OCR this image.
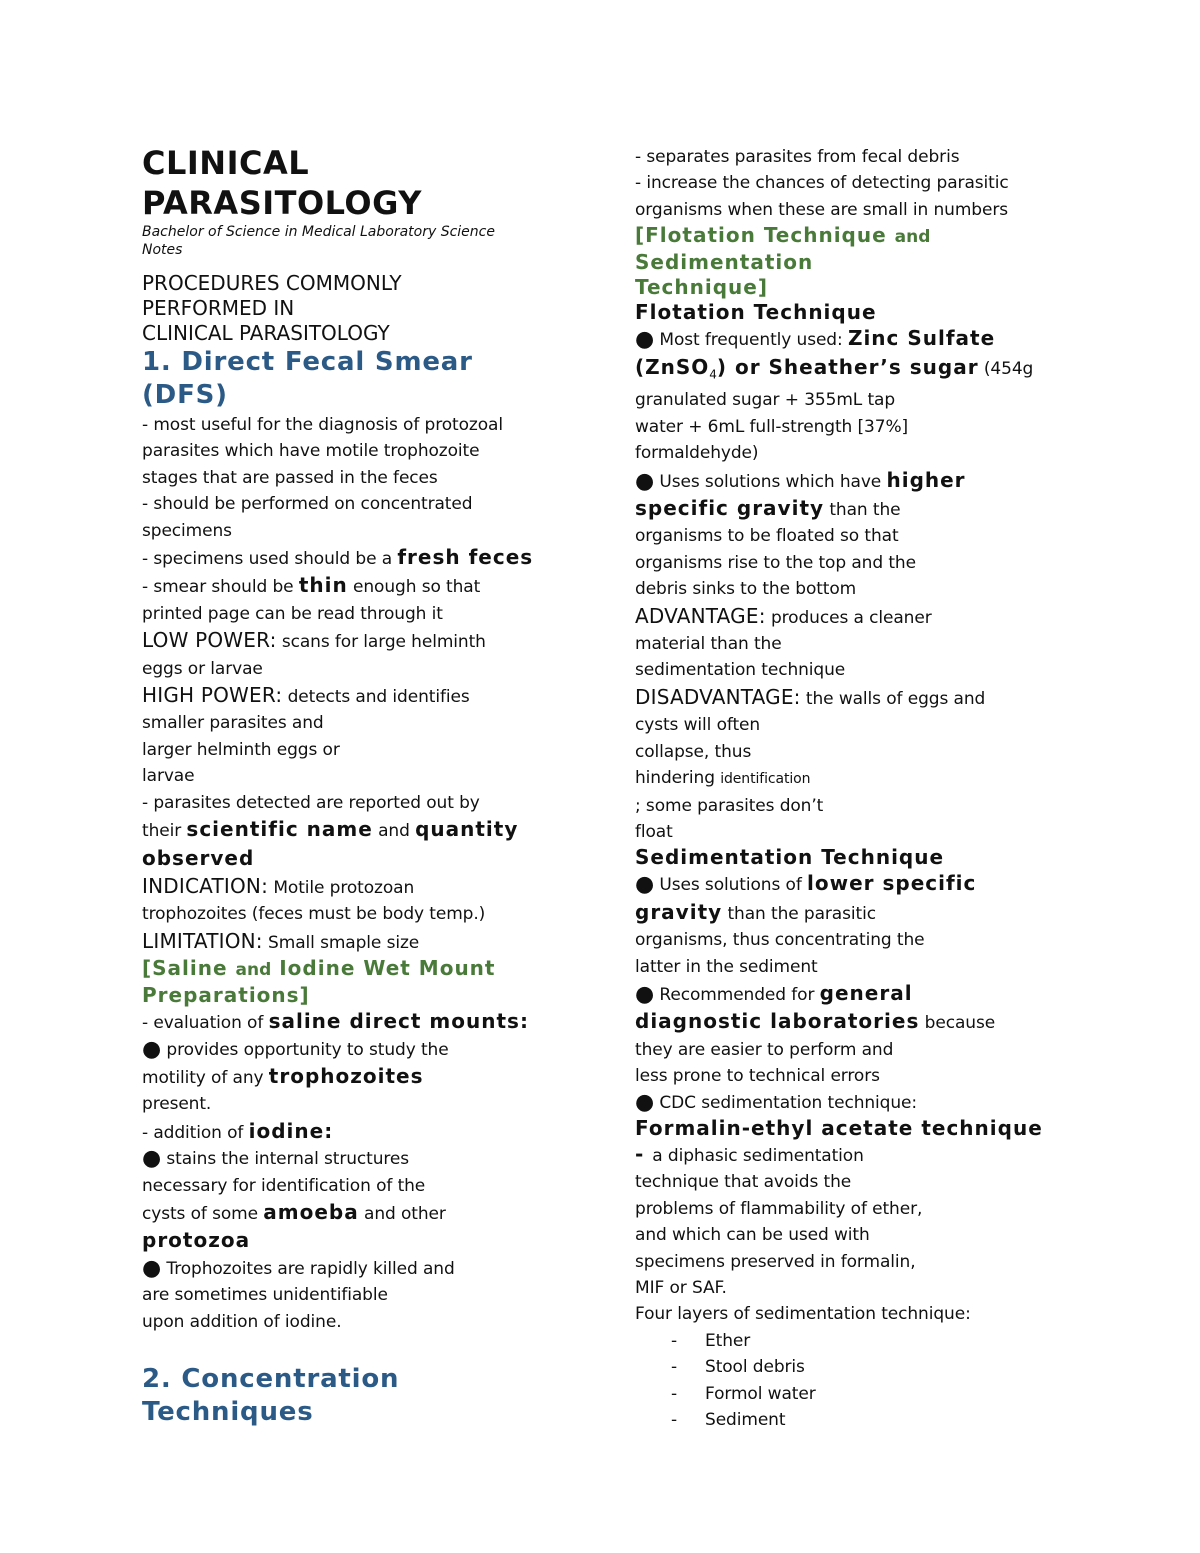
CLINICAL
PARASITOLOGY
Bachelor of Science in Medical Laboratory Science
Notes
PROCEDURES COMMONLY
PERFORMED IN
CLINICAL PARASITOLOGY
1. Direct Fecal Smear
(DFS)
- most useful for the diagnosis of protozoal
parasites which have motile trophozoite
stages that are passed in the feces
- should be performed on concentrated
specimens
- specimens used should be a fresh feces
- smear should be thin enough so that
printed page can be read through it
LOW POWER: scans for large helminth
eggs or larvae
HIGH POWER: detects and identifies
smaller parasites and
larger helminth eggs or
larvae
- parasites detected are reported out by
their scientific name and quantity
observed
INDICATION: Motile protozoan
trophozoites (feces must be body temp.)
LIMITATION: Small smaple size
[Saline and Iodine Wet Mount
Preparations]
- evaluation of saline direct mounts:
● provides opportunity to study the
motility of any trophozoites
present.
- addition of iodine:
● stains the internal structures
necessary for identification of the
cysts of some amoeba and other
protozoa
● Trophozoites are rapidly killed and
are sometimes unidentifiable
upon addition of iodine.
2. Concentration
Techniques
- separates parasites from fecal debris
- increase the chances of detecting parasitic
organisms when these are small in numbers
[Flotation Technique and
Sedimentation
Technique]
Flotation Technique
● Most frequently used: Zinc Sulfate
(ZnSO$_4$) or Sheather’s sugar (454g
granulated sugar + 355mL tap
water + 6mL full-strength [37%]
formaldehyde)
● Uses solutions which have higher
specific gravity than the
organisms to be floated so that
organisms rise to the top and the
debris sinks to the bottom
ADVANTAGE: produces a cleaner
material than the
sedimentation technique
DISADVANTAGE: the walls of eggs and
cysts will often
collapse, thus
hindering identification
; some parasites don’t
float
Sedimentation Technique
● Uses solutions of lower specific
gravity than the parasitic
organisms, thus concentrating the
latter in the sediment
● Recommended for general
diagnostic laboratories because
they are easier to perform and
less prone to technical errors
● CDC sedimentation technique:
Formalin-ethyl acetate technique
- a diphasic sedimentation
technique that avoids the
problems of flammability of ether,
and which can be used with
specimens preserved in formalin,
MIF or SAF.
Four layers of sedimentation technique:
- Ether
- Stool debris
- Formol water
- Sediment
